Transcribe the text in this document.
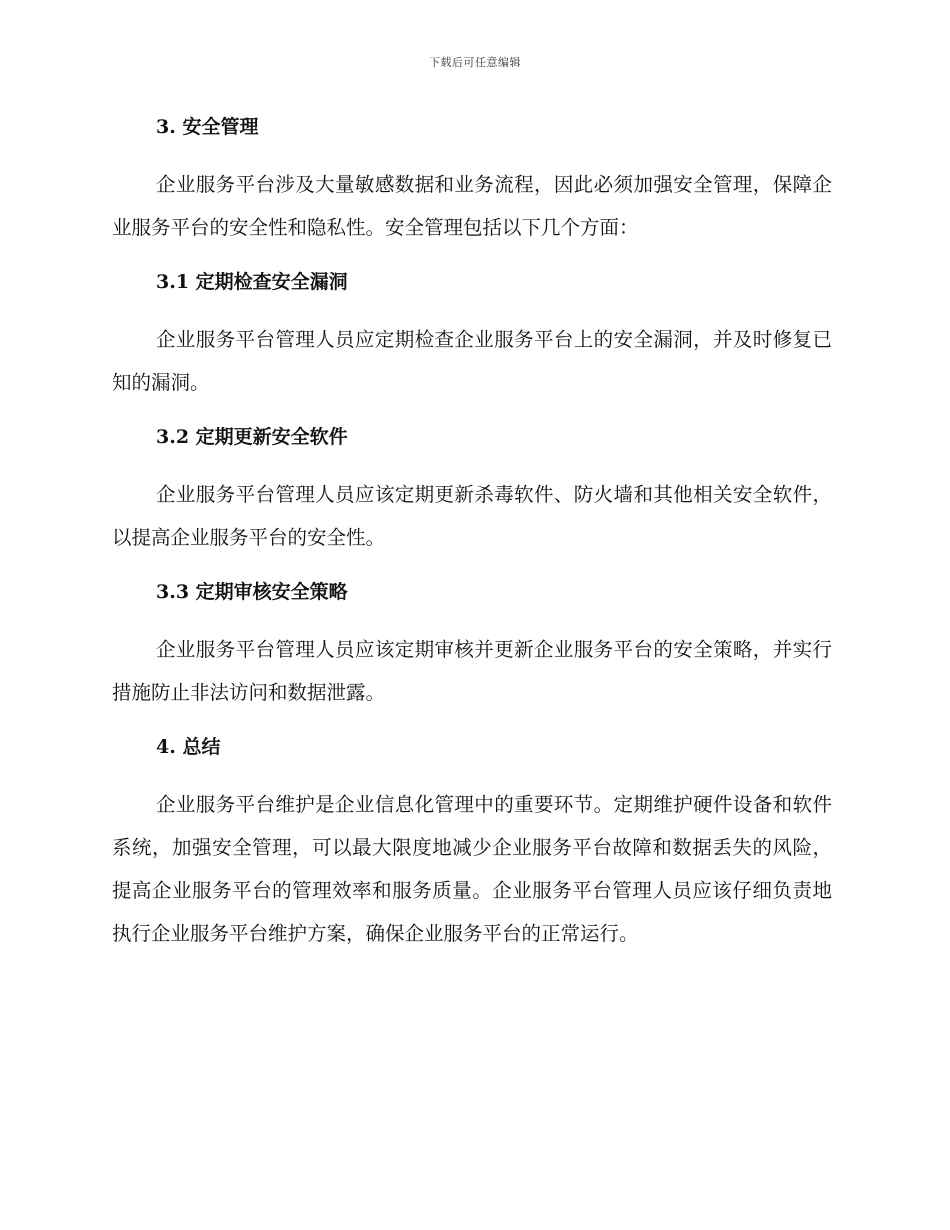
下载后可任意编辑
3. 安全管理

企业服务平台涉及大量敏感数据和业务流程，因此必须加强安全管理，保障企业服务平台的安全性和隐私性。安全管理包括以下几个方面：

3.1 定期检查安全漏洞

企业服务平台管理人员应定期检查企业服务平台上的安全漏洞，并及时修复已知的漏洞。

3.2 定期更新安全软件

企业服务平台管理人员应该定期更新杀毒软件、防火墙和其他相关安全软件，以提高企业服务平台的安全性。

3.3 定期审核安全策略

企业服务平台管理人员应该定期审核并更新企业服务平台的安全策略，并实行措施防止非法访问和数据泄露。

4. 总结

企业服务平台维护是企业信息化管理中的重要环节。定期维护硬件设备和软件系统，加强安全管理，可以最大限度地减少企业服务平台故障和数据丢失的风险，提高企业服务平台的管理效率和服务质量。企业服务平台管理人员应该仔细负责地执行企业服务平台维护方案，确保企业服务平台的正常运行。
